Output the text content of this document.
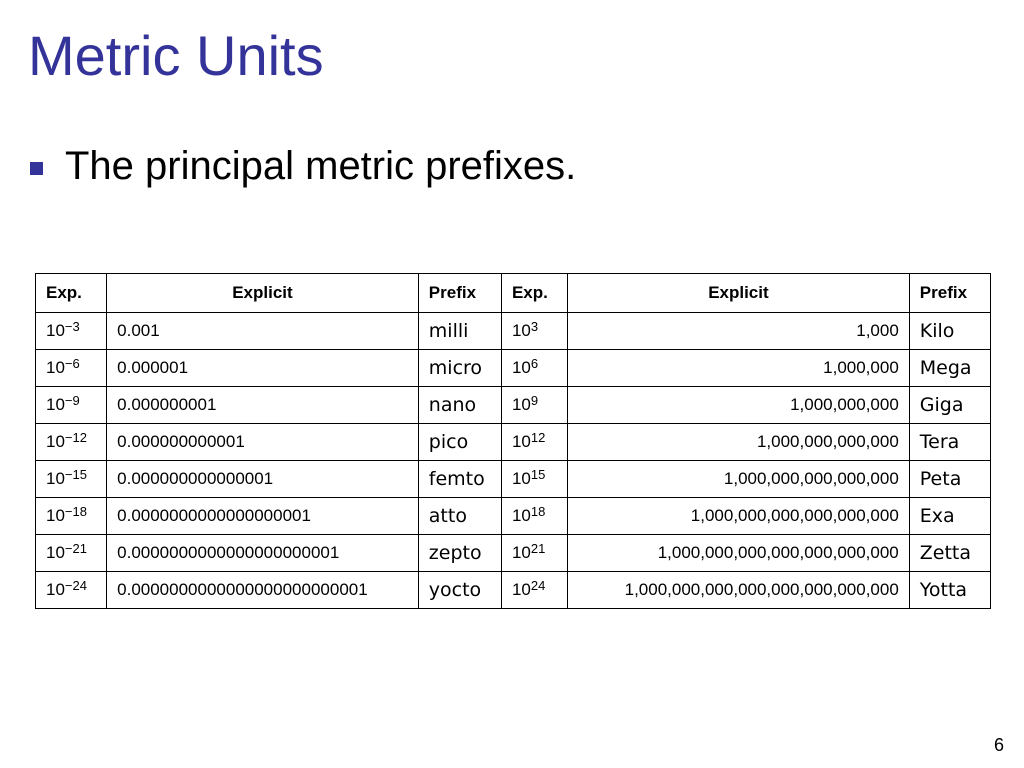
Metric Units
The principal metric prefixes.
Exp.	Explicit	Prefix	Exp.	Explicit	Prefix
$10^{-3}$	0.001	milli	$10^3$	1,000	Kilo
$10^{-6}$	0.000001	micro	$10^6$	1,000,000	Mega
$10^{-9}$	0.000000001	nano	$10^9$	1,000,000,000	Giga
$10^{-12}$	0.000000000001	pico	$10^{12}$	1,000,000,000,000	Tera
$10^{-15}$	0.000000000000001	femto	$10^{15}$	1,000,000,000,000,000	Peta
$10^{-18}$	0.0000000000000000001	atto	$10^{18}$	1,000,000,000,000,000,000	Exa
$10^{-21}$	0.0000000000000000000001	zepto	$10^{21}$	1,000,000,000,000,000,000,000	Zetta
$10^{-24}$	0.0000000000000000000000001	yocto	$10^{24}$	1,000,000,000,000,000,000,000,000	Yotta
6
